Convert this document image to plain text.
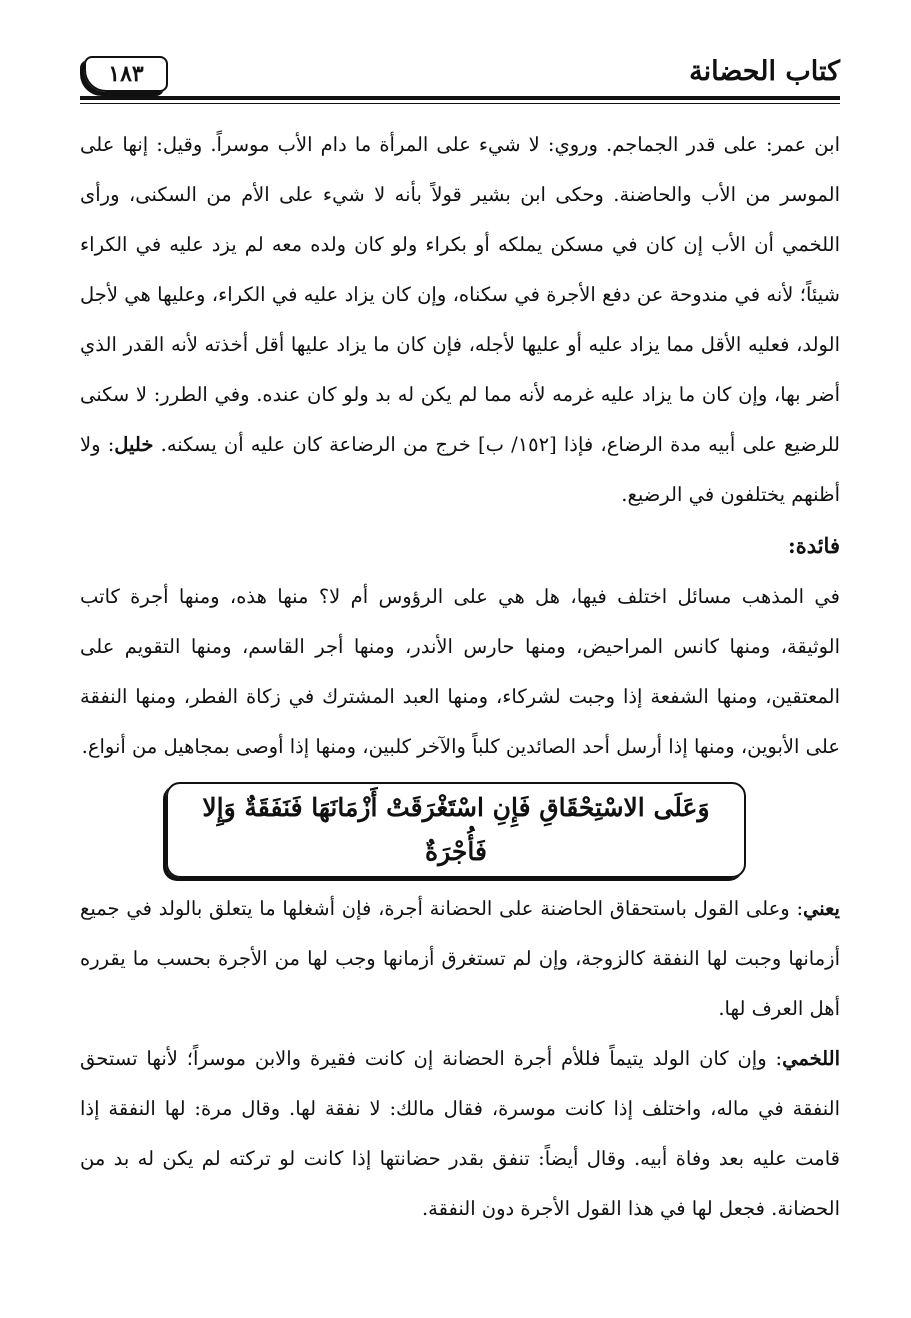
كتاب الحضانة
١٨٣

ابن عمر: على قدر الجماجم. وروي: لا شيء على المرأة ما دام الأب موسراً. وقيل: إنها على الموسر من الأب والحاضنة. وحكى ابن بشير قولاً بأنه لا شيء على الأم من السكنى، ورأى اللخمي أن الأب إن كان في مسكن يملكه أو بكراء ولو كان ولده معه لم يزد عليه في الكراء شيئاً؛ لأنه في مندوحة عن دفع الأجرة في سكناه، وإن كان يزاد عليه في الكراء، وعليها هي لأجل الولد، فعليه الأقل مما يزاد عليه أو عليها لأجله، فإن كان ما يزاد عليها أقل أخذته لأنه القدر الذي أضر بها، وإن كان ما يزاد عليه غرمه لأنه مما لم يكن له بد ولو كان عنده. وفي الطرر: لا سكنى للرضيع على أبيه مدة الرضاع، فإذا [١٥٢/ ب] خرج من الرضاعة كان عليه أن يسكنه. خليل: ولا أظنهم يختلفون في الرضيع.

فائدة:

في المذهب مسائل اختلف فيها، هل هي على الرؤوس أم لا؟ منها هذه، ومنها أجرة كاتب الوثيقة، ومنها كانس المراحيض، ومنها حارس الأندر، ومنها أجر القاسم، ومنها التقويم على المعتقين، ومنها الشفعة إذا وجبت لشركاء، ومنها العبد المشترك في زكاة الفطر، ومنها النفقة على الأبوين، ومنها إذا أرسل أحد الصائدين كلباً والآخر كلبين، ومنها إذا أوصى بمجاهيل من أنواع.

وَعَلَى الاسْتِحْقَاقِ فَإِنِ اسْتَغْرَقَتْ أَزْمَانَهَا فَنَفَقَةٌ وَإِلا فَأُجْرَةٌ

يعني: وعلى القول باستحقاق الحاضنة على الحضانة أجرة، فإن أشغلها ما يتعلق بالولد في جميع أزمانها وجبت لها النفقة كالزوجة، وإن لم تستغرق أزمانها وجب لها من الأجرة بحسب ما يقرره أهل العرف لها.

اللخمي: وإن كان الولد يتيماً فللأم أجرة الحضانة إن كانت فقيرة والابن موسراً؛ لأنها تستحق النفقة في ماله، واختلف إذا كانت موسرة، فقال مالك: لا نفقة لها. وقال مرة: لها النفقة إذا قامت عليه بعد وفاة أبيه. وقال أيضاً: تنفق بقدر حضانتها إذا كانت لو تركته لم يكن له بد من الحضانة. فجعل لها في هذا القول الأجرة دون النفقة.
